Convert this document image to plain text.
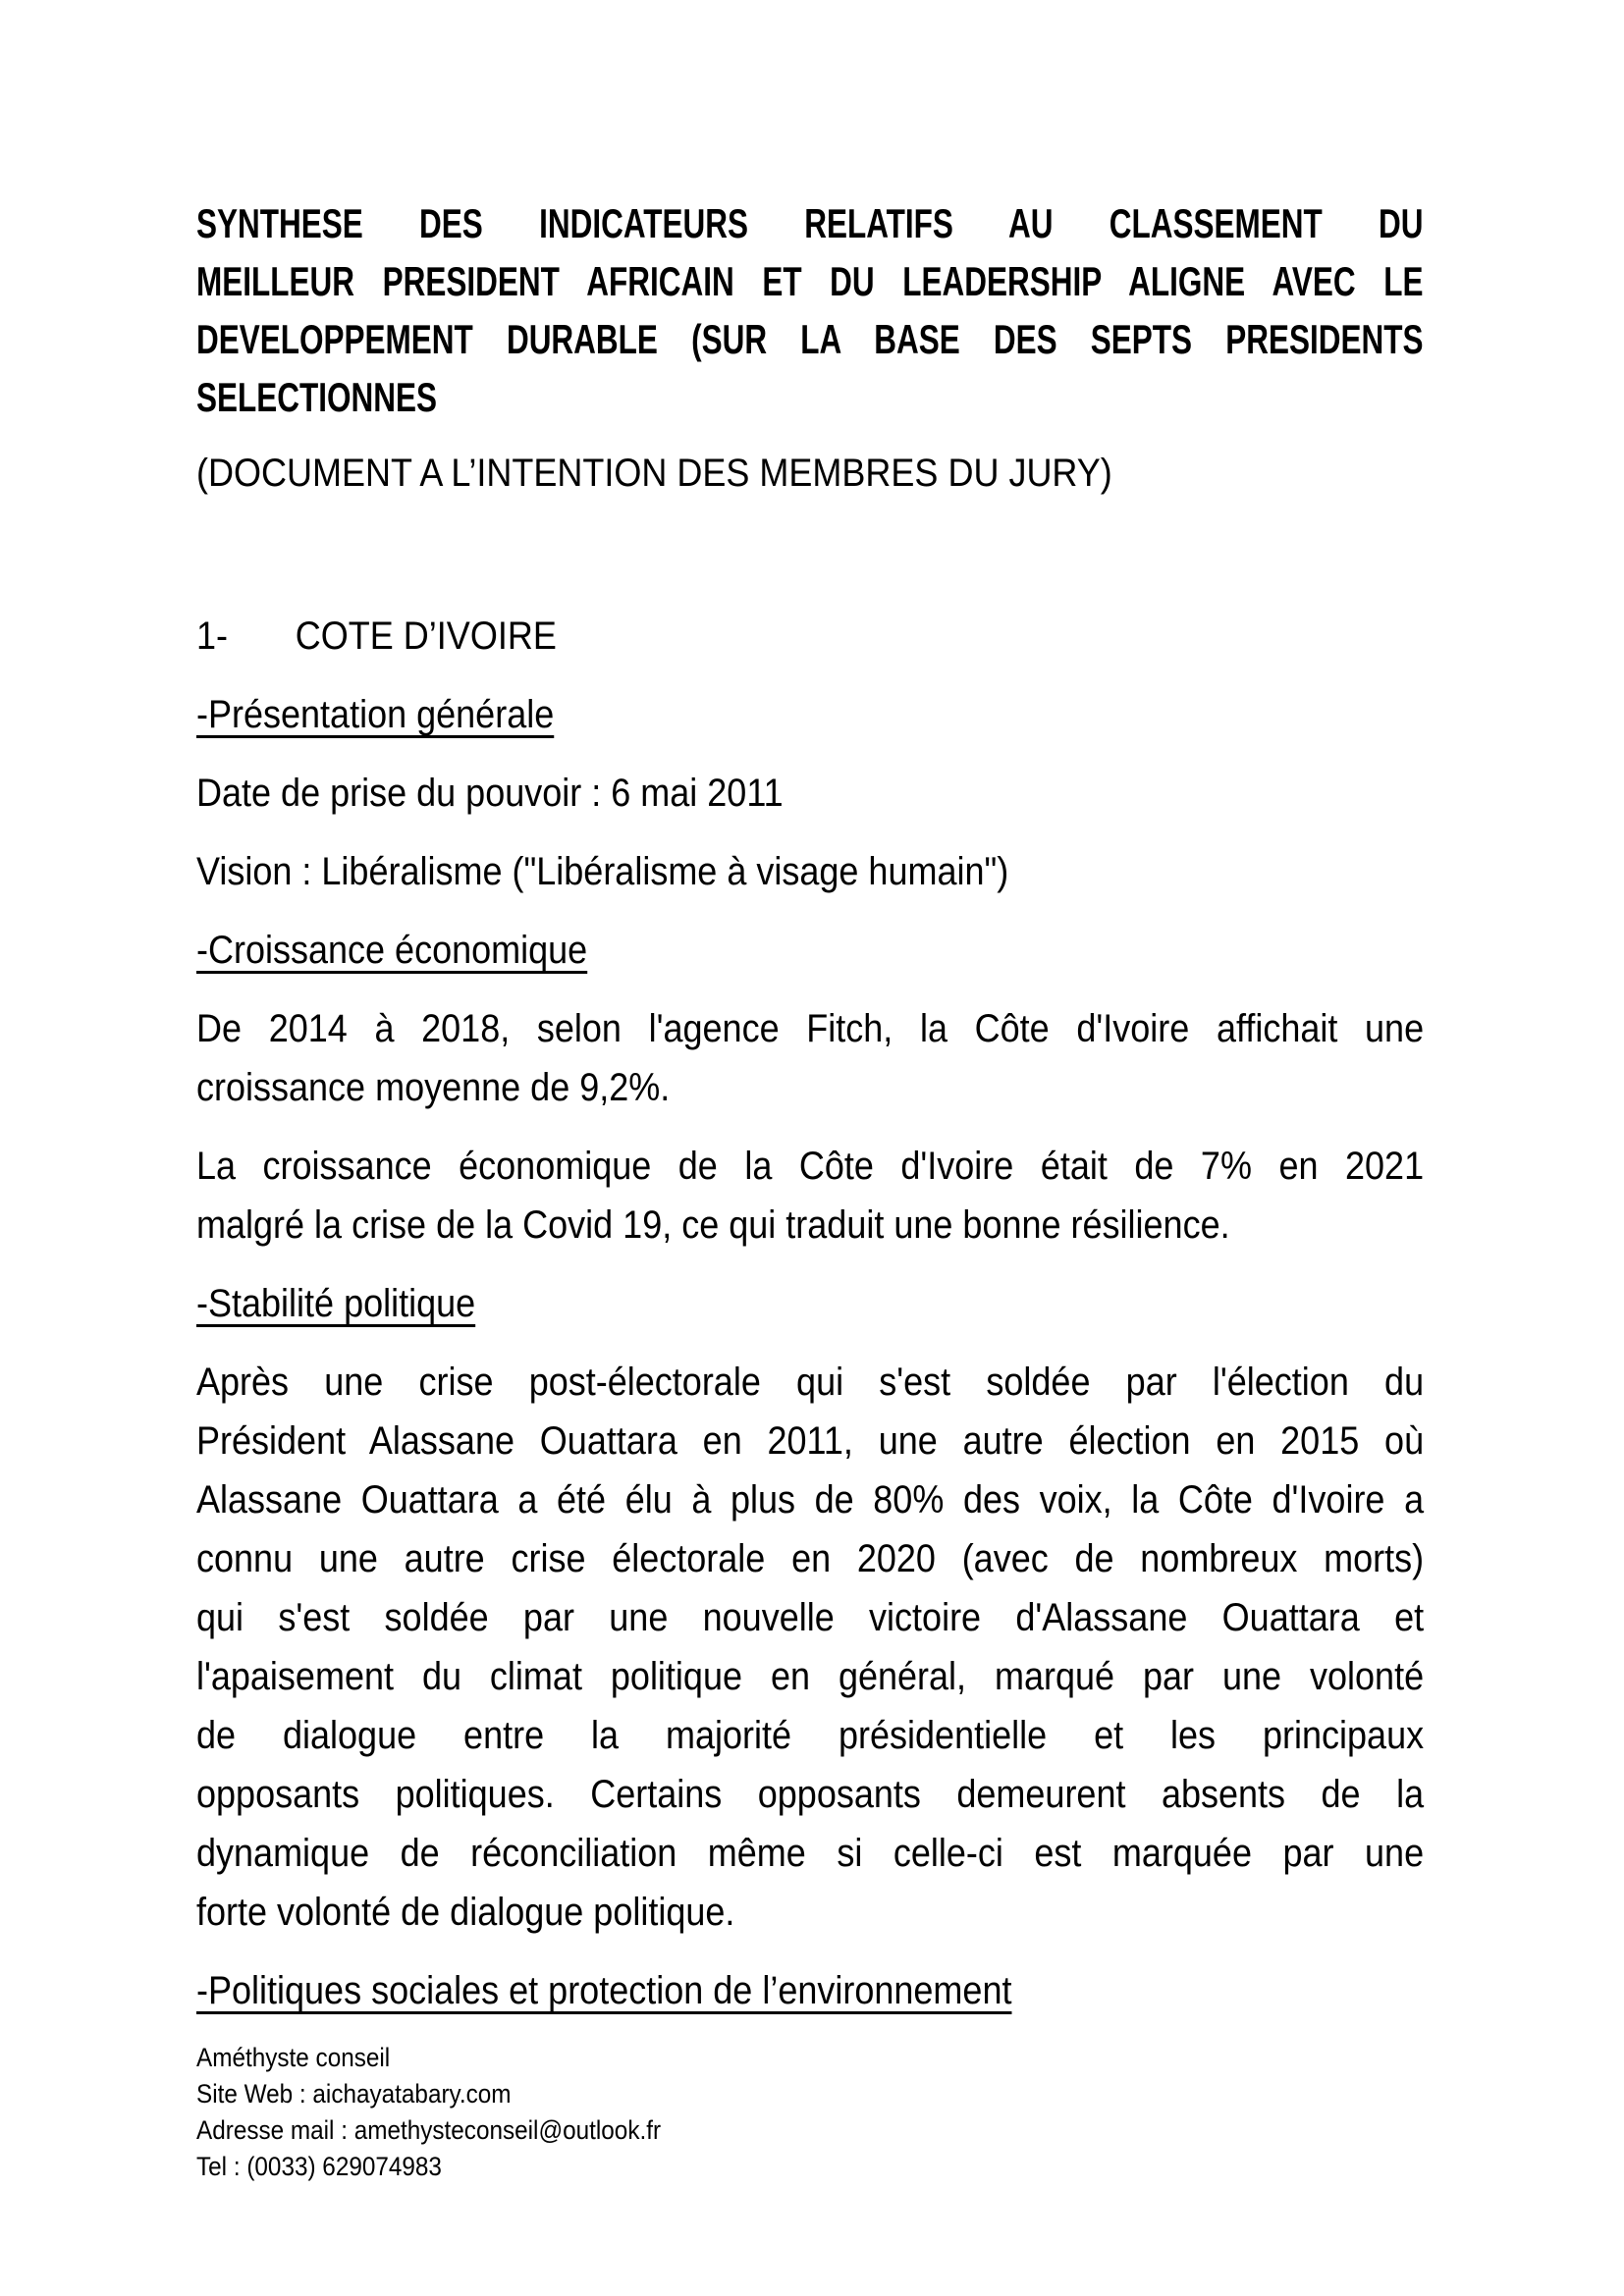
SYNTHESE DES INDICATEURS RELATIFS AU CLASSEMENT DU
MEILLEUR PRESIDENT AFRICAIN ET DU LEADERSHIP ALIGNE AVEC LE
DEVELOPPEMENT DURABLE (SUR LA BASE DES SEPTS PRESIDENTS
SELECTIONNES
(DOCUMENT A L’INTENTION DES MEMBRES DU JURY)
1- COTE D’IVOIRE
-Présentation générale
Date de prise du pouvoir : 6 mai 2011
Vision : Libéralisme ("Libéralisme à visage humain")
-Croissance économique
De 2014 à 2018, selon l'agence Fitch, la Côte d'Ivoire affichait une
croissance moyenne de 9,2%.
La croissance économique de la Côte d'Ivoire était de 7% en 2021
malgré la crise de la Covid 19, ce qui traduit une bonne résilience.
-Stabilité politique
Après une crise post-électorale qui s'est soldée par l'élection du
Président Alassane Ouattara en 2011, une autre élection en 2015 où
Alassane Ouattara a été élu à plus de 80% des voix, la Côte d'Ivoire a
connu une autre crise électorale en 2020 (avec de nombreux morts)
qui s'est soldée par une nouvelle victoire d'Alassane Ouattara et
l'apaisement du climat politique en général, marqué par une volonté
de dialogue entre la majorité présidentielle et les principaux
opposants politiques. Certains opposants demeurent absents de la
dynamique de réconciliation même si celle-ci est marquée par une
forte volonté de dialogue politique.
-Politiques sociales et protection de l’environnement
Améthyste conseil
Site Web : aichayatabary.com
Adresse mail : amethysteconseil@outlook.fr
Tel : (0033) 629074983
